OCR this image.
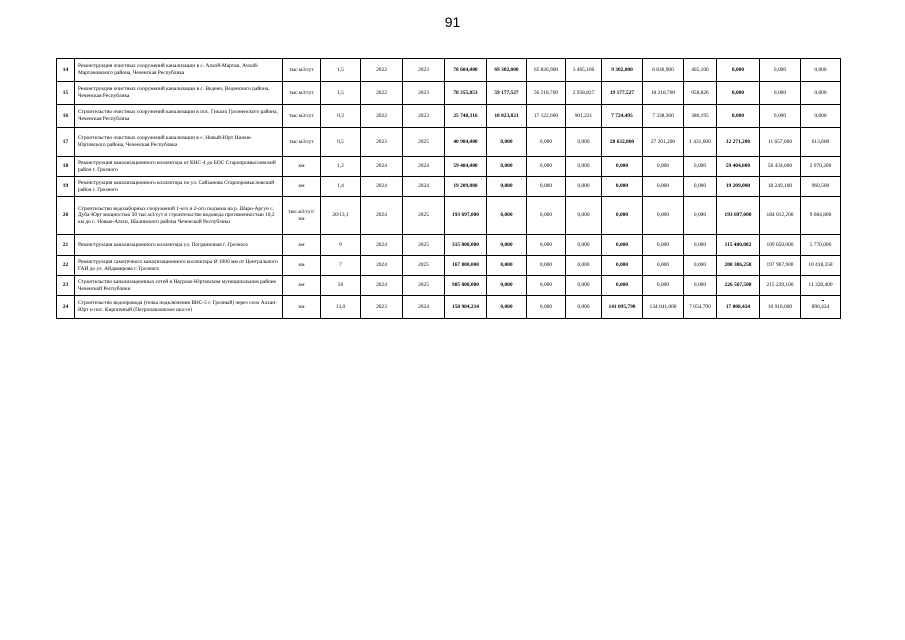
91
14	Реконструкция очистных сооружений канализации в с. Алхой-Мартан, Ачхой-Мартановского района, Чеченская Республика	тыс.м3/сут	1,5	2022	2023	78 604,000	69 302,000	65 836,900	3 465,100	9 302,000	8 836,900	465,100	0,000	0,000	0,000
15	Реконструкция очистных сооружений канализации в с. Ведено, Веденского района, Чеченская Республика	тыс.м3/сут	1,5	2022	2023	78 355,853	59 177,527	56 218,700	2 958,827	19 177,527	18 218,700	958,826	0,000	0,000	0,000
16	Строительство очистных сооружений канализации в пос. Гикало Грозненского района, Чеченская Республика	тыс.м3/сут	0,3	2022	2023	25 748,316	18 023,821	17 122,600	901,221	7 724,495	7 338,300	386,195	0,000	0,000	0,000
17	Строительство очистных сооружений канализации в с. Новый-Юрт Нижне-Юртовского района, Чеченская Республика	тыс.м3/сут	0,5	2023	2025	40 904,000	0,000	0,000	0,000	28 632,800	27 201,200	1 431,600	12 271,200	11 657,600	613,600
18	Реконструкция канализационного коллектора от КНС-4 до БОС Старопромысловский район г. Грозного	км	1,2	2024	2024	59 404,000	0,000	0,000	0,000	0,000	0,000	0,000	59 404,000	56 434,600	2 970,200
19	Реконструкция канализационного коллектора по ул. Сайханова Старопромысловский район г. Грозного	км	1,4	2024	2024	19 209,000	0,000	0,000	0,000	0,000	0,000	0,000	19 209,000	18 249,100	960,500
20	Строительство водозаборных сооружений 1-ого и 2-ого подъема на р. Шаро-Аргун с. Дуба-Юрт мощностью 30 тыс.м3/сут и строительство водовода протяженностью 18,2 км до с. Новые-Атаги, Шалинского района Чеченской Республики	тыс.м3/сут/ км	20/13,1	2024	2025	193 697,000	0,000	0,000	0,000	0,000	0,000	0,000	193 697,000	184 012,200	9 684,800
21	Реконструкция канализационного коллектора ул. Пограничная г. Грозного	км	9	2024	2025	315 800,000	0,000	0,000	0,000	0,000	0,000	0,000	115 480,002	109 650,000	5 770,000
22	Реконструкция самотечного канализационного коллектора Ø 1000 мм от Центрального ГАИ до ул. Айдамирова г. Грозного	км	7	2024	2025	167 800,000	0,000	0,000	0,000	0,000	0,000	0,000	208 386,258	197 967,900	10 418,358
23	Строительство канализационных сетей в Наурско-Юртовском муниципальном районе Чеченской Республики	км	56	2024	2025	985 000,000	0,000	0,000	0,000	0,000	0,000	0,000	226 567,508	215 239,100	11 328,400
24	Строительство водопровода (точка подключения ВНС-5 г. Грозный) через село Алхан-Юрт и пос. Кирпичный (Петропавловское шоссе)	км	13,0	2023	2024	158 904,214	0,000	0,000	0,000	141 095,790	134 041,000	7 054,790	17 808,424	16 918,000	890,424
